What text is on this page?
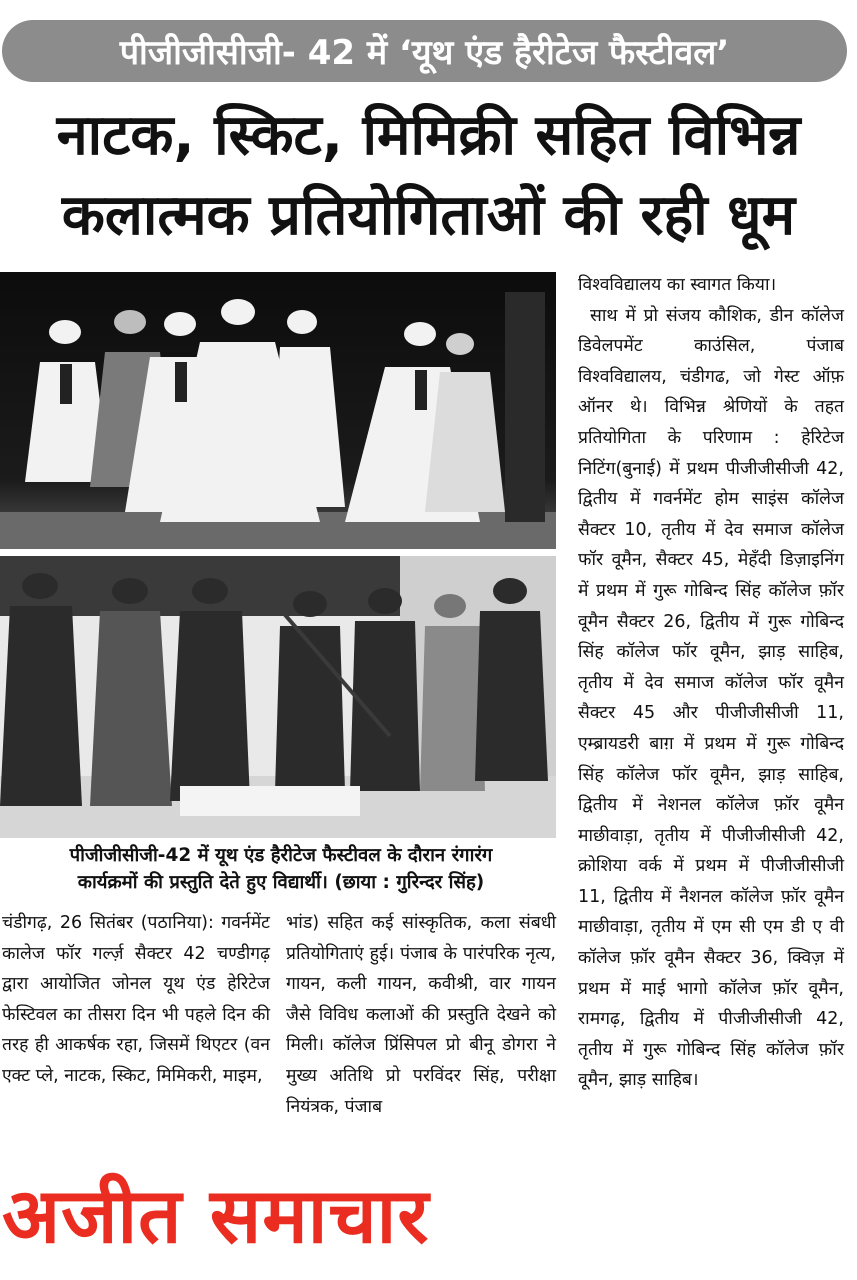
पीजीजीसीजी- 42 में ‘यूथ एंड हैरीटेज फैस्टीवल’
नाटक, स्किट, मिमिक्री सहित विभिन्न
कलात्मक प्रतियोगिताओं की रही धूम
पीजीजीसीजी-42 में यूथ एंड हैरीटेज फैस्टीवल के दौरान रंगारंग
कार्यक्रमों की प्रस्तुति देते हुए विद्यार्थी। (छाया : गुरिन्दर सिंह)

चंडीगढ़, 26 सितंबर (पठानिया): गवर्नमेंट कालेज फॉर गर्ल्ज़ सैक्टर 42 चण्डीगढ़ द्वारा आयोजित जोनल यूथ एंड हेरिटेज फेस्टिवल का तीसरा दिन भी पहले दिन की तरह ही आकर्षक रहा, जिसमें थिएटर (वन एक्ट प्ले, नाटक, स्किट, मिमिकरी, माइम,

भांड) सहित कई सांस्कृतिक, कला संबधी प्रतियोगिताएं हुई। पंजाब के पारंपरिक नृत्य, गायन, कली गायन, कवीश्री, वार गायन जैसे विविध कलाओं की प्रस्तुति देखने को मिली। कॉलेज प्रिंसिपल प्रो बीनू डोगरा ने मुख्य अतिथि प्रो परविंदर सिंह, परीक्षा नियंत्रक, पंजाब

विश्वविद्यालय का स्वागत किया।

साथ में प्रो संजय कौशिक, डीन कॉलेज डिवेलपमेंट काउंसिल, पंजाब विश्वविद्यालय, चंडीगढ, जो गेस्ट ऑफ़ ऑनर थे। विभिन्न श्रेणियों के तहत प्रतियोगिता के परिणाम : हेरिटेज निटिंग(बुनाई) में प्रथम पीजीजीसीजी 42, द्वितीय में गवर्नमेंट होम साइंस कॉलेज सैक्टर 10, तृतीय में देव समाज कॉलेज फॉर वूमैन, सैक्टर 45, मेहँदी डिज़ाइनिंग में प्रथम में गुरू गोबिन्द सिंह कॉलेज फ़ॉर वूमैन सैक्टर 26, द्वितीय में गुरू गोबिन्द सिंह कॉलेज फॉर वूमैन, झाड़ साहिब, तृतीय में देव समाज कॉलेज फॉर वूमैन सैक्टर 45 और पीजीजीसीजी 11, एम्ब्रायडरी बाग़ में प्रथम में गुरू गोबिन्द सिंह कॉलेज फॉर वूमैन, झाड़ साहिब, द्वितीय में नेशनल कॉलेज फ़ॉर वूमैन माछीवाड़ा, तृतीय में पीजीजीसीजी 42, क्रोशिया वर्क में प्रथम में पीजीजीसीजी 11, द्वितीय में नैशनल कॉलेज फ़ॉर वूमैन माछीवाड़ा, तृतीय में एम सी एम डी ए वी कॉलेज फ़ॉर वूमैन सैक्टर 36, क्विज़ में प्रथम में माई भागो कॉलेज फ़ॉर वूमैन, रामगढ़, द्वितीय में पीजीजीसीजी 42, तृतीय में गुरू गोबिन्द सिंह कॉलेज फ़ॉर वूमैन, झाड़ साहिब।

अजीत समाचार
